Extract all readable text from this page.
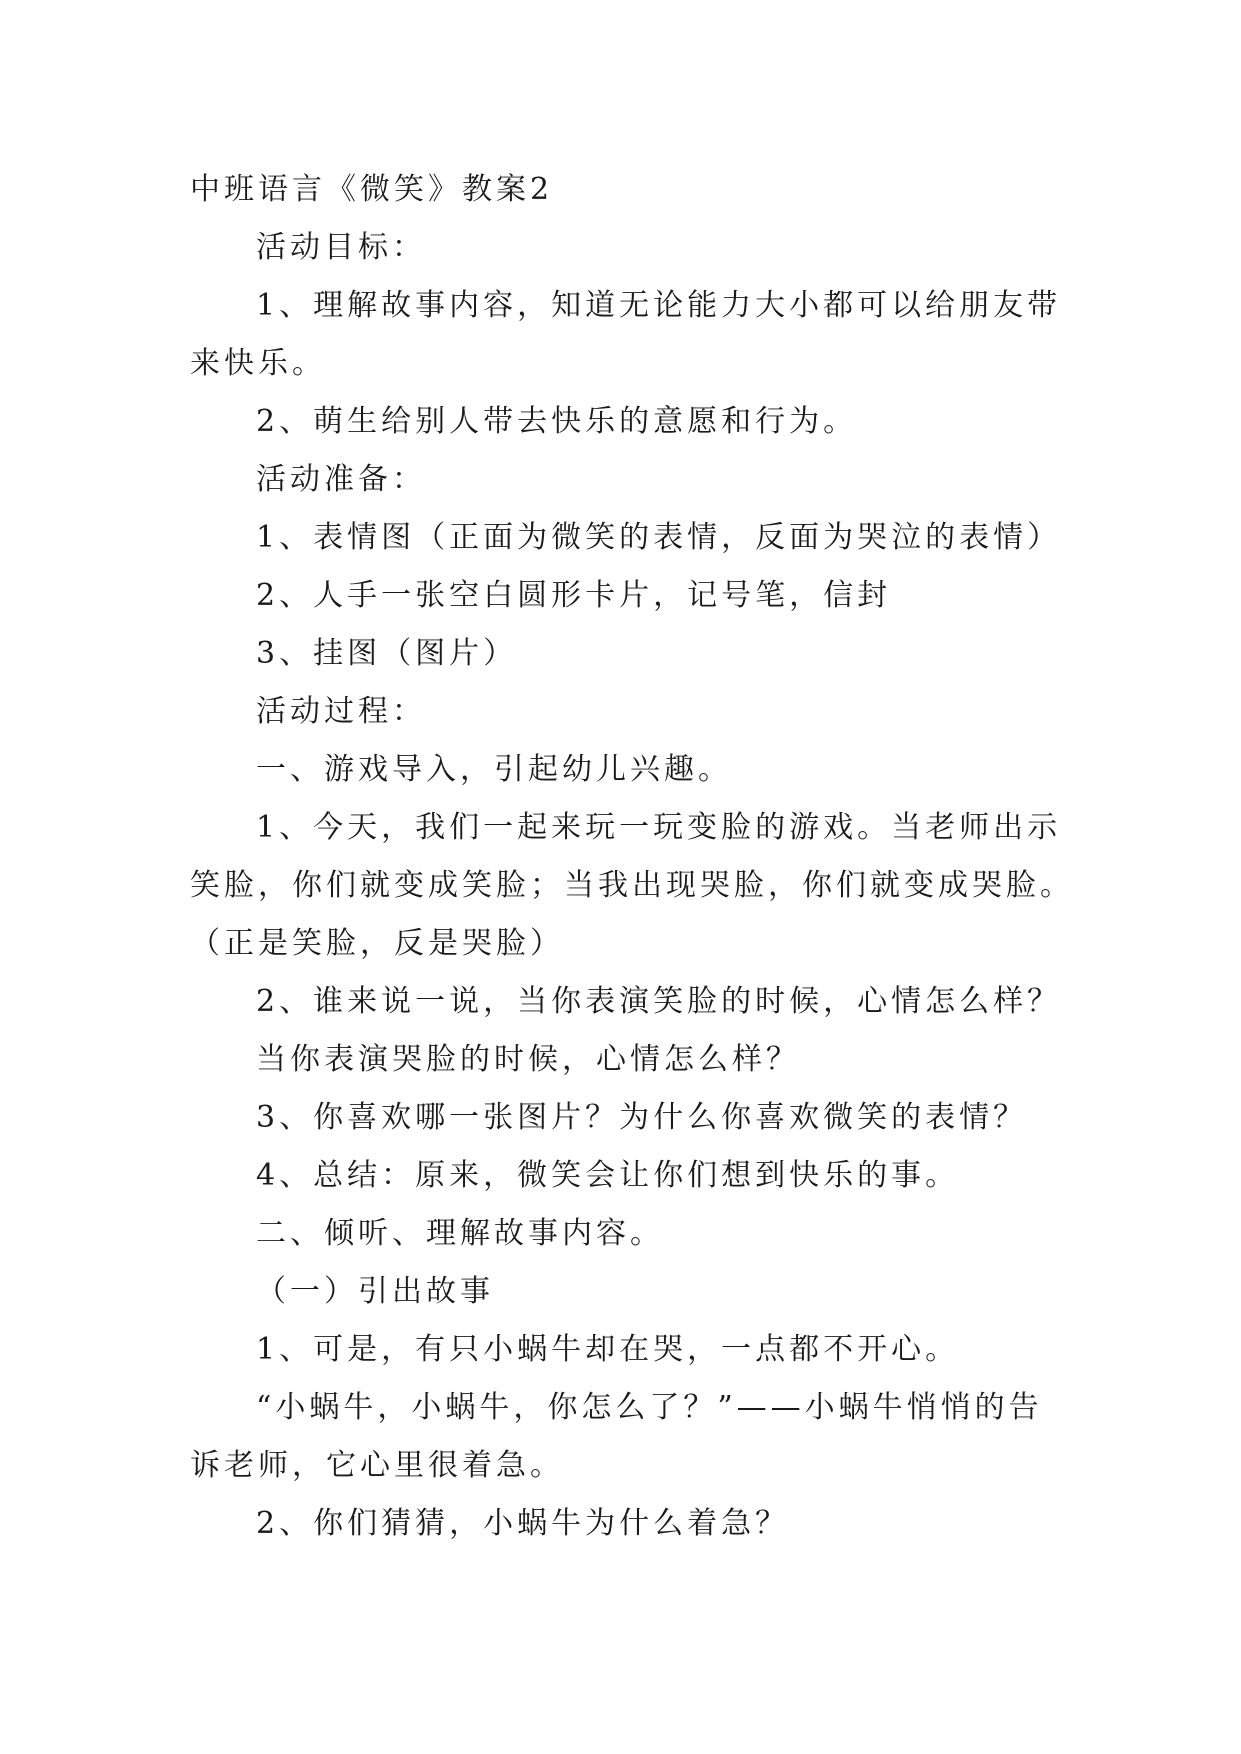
中班语言《微笑》教案2
活动目标：
1、理解故事内容，知道无论能力大小都可以给朋友带
来快乐。
2、萌生给别人带去快乐的意愿和行为。
活动准备：
1、表情图（正面为微笑的表情，反面为哭泣的表情）
2、人手一张空白圆形卡片，记号笔，信封
3、挂图（图片）
活动过程：
一、游戏导入，引起幼儿兴趣。
1、今天，我们一起来玩一玩变脸的游戏。当老师出示
笑脸，你们就变成笑脸；当我出现哭脸，你们就变成哭脸。
（正是笑脸，反是哭脸）
2、谁来说一说，当你表演笑脸的时候，心情怎么样？
当你表演哭脸的时候，心情怎么样？
3、你喜欢哪一张图片？为什么你喜欢微笑的表情？
4、总结：原来，微笑会让你们想到快乐的事。
二、倾听、理解故事内容。
（一）引出故事
1、可是，有只小蜗牛却在哭，一点都不开心。
“小蜗牛，小蜗牛，你怎么了？”——小蜗牛悄悄的告
诉老师，它心里很着急。
2、你们猜猜，小蜗牛为什么着急？
